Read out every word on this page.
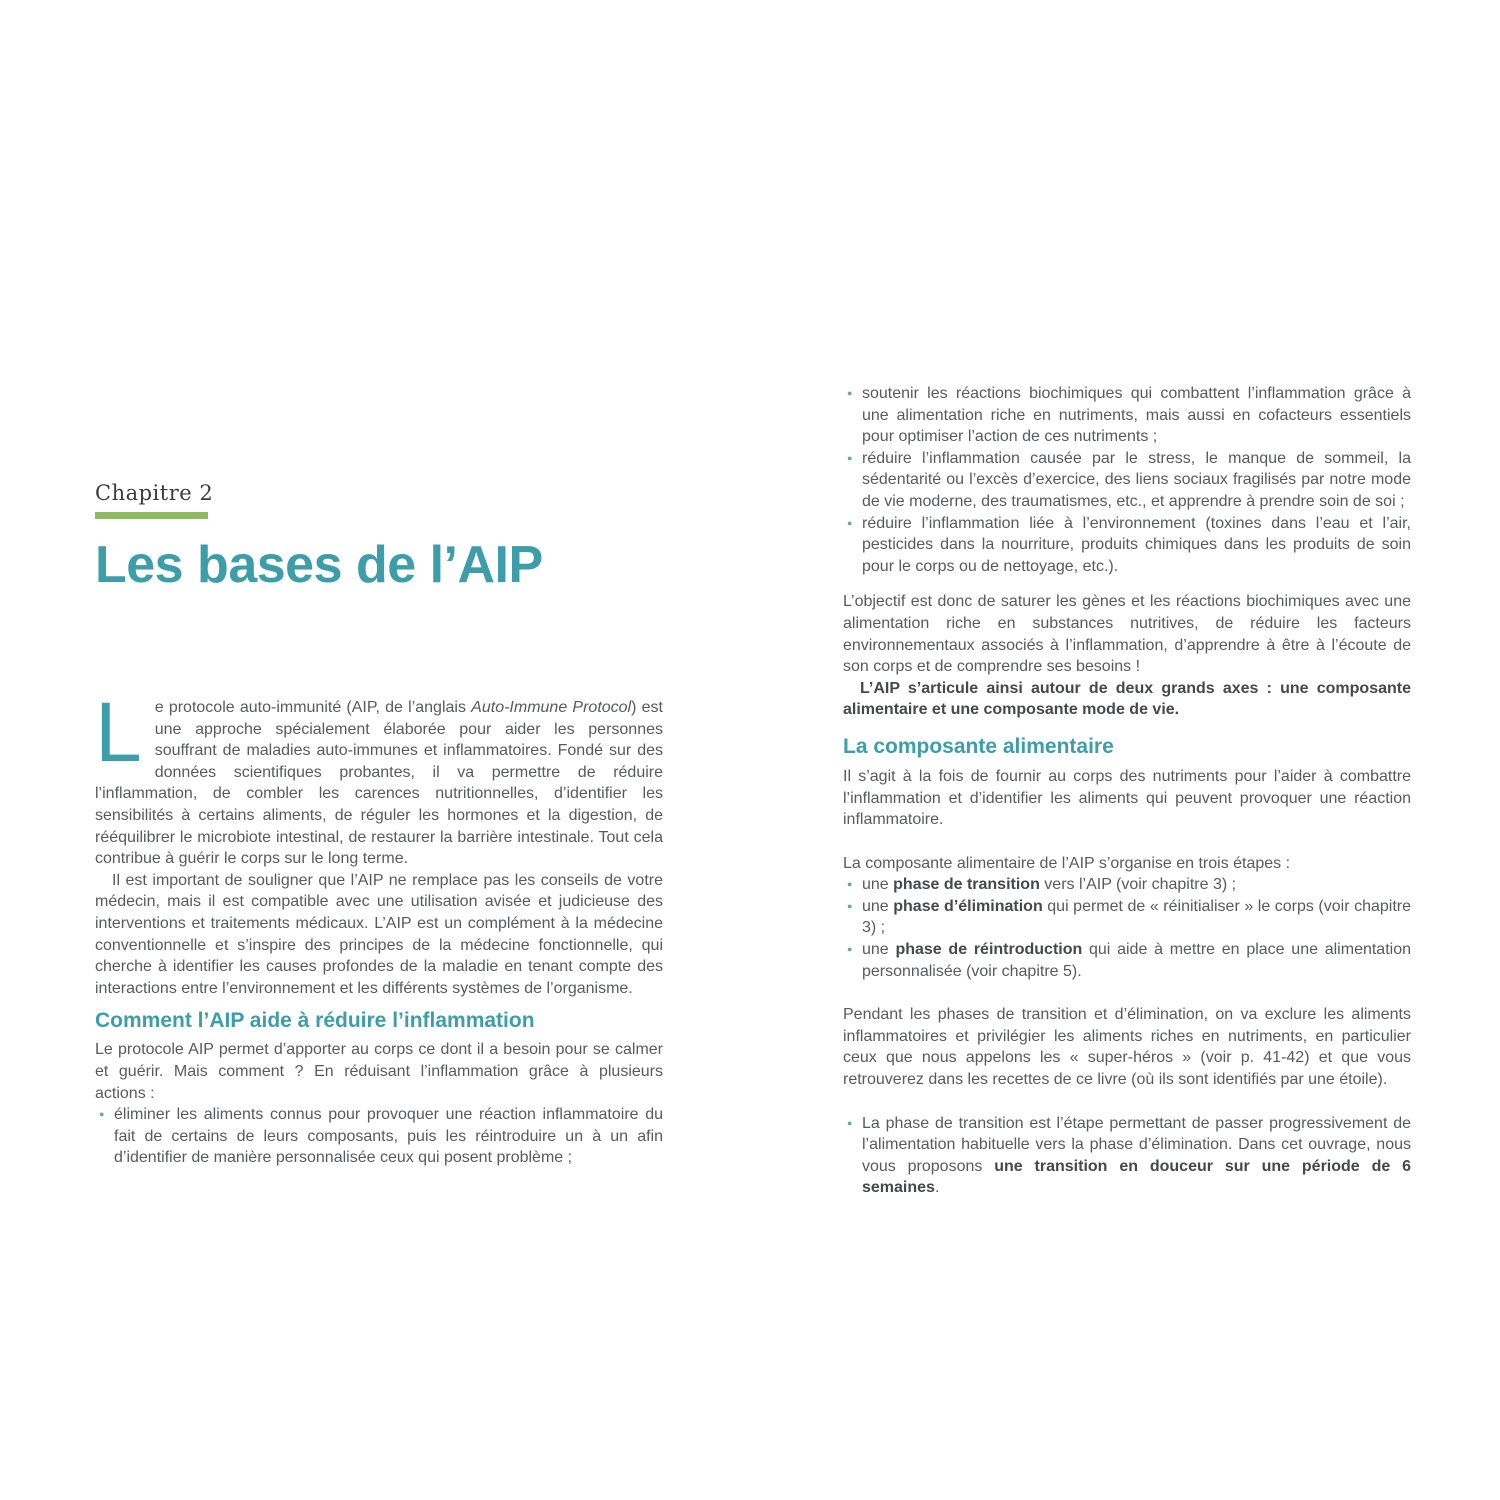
Chapitre 2
Les bases de l’AIP

Le protocole auto-immunité (AIP, de l’anglais Auto-Immune Protocol) est une approche spécialement élaborée pour aider les personnes souffrant de maladies auto-immunes et inflammatoires. Fondé sur des données scientifiques probantes, il va permettre de réduire l’inflammation, de combler les carences nutritionnelles, d’identifier les sensibilités à certains aliments, de réguler les hormones et la digestion, de rééquilibrer le microbiote intestinal, de restaurer la barrière intestinale. Tout cela contribue à guérir le corps sur le long terme.

Il est important de souligner que l’AIP ne remplace pas les conseils de votre médecin, mais il est compatible avec une utilisation avisée et judicieuse des interventions et traitements médicaux. L’AIP est un complément à la médecine conventionnelle et s’inspire des principes de la médecine fonctionnelle, qui cherche à identifier les causes profondes de la maladie en tenant compte des interactions entre l’environnement et les différents systèmes de l’organisme.

Comment l’AIP aide à réduire l’inflammation

Le protocole AIP permet d’apporter au corps ce dont il a besoin pour se calmer et guérir. Mais comment ? En réduisant l’inflammation grâce à plusieurs actions :

● éliminer les aliments connus pour provoquer une réaction inflammatoire du fait de certains de leurs composants, puis les réintroduire un à un afin d’identifier de manière personnalisée ceux qui posent problème ;

● soutenir les réactions biochimiques qui combattent l’inflammation grâce à une alimentation riche en nutriments, mais aussi en cofacteurs essentiels pour optimiser l’action de ces nutriments ;

● réduire l’inflammation causée par le stress, le manque de sommeil, la sédentarité ou l’excès d’exercice, des liens sociaux fragilisés par notre mode de vie moderne, des traumatismes, etc., et apprendre à prendre soin de soi ;

● réduire l’inflammation liée à l’environnement (toxines dans l’eau et l’air, pesticides dans la nourriture, produits chimiques dans les produits de soin pour le corps ou de nettoyage, etc.).

L’objectif est donc de saturer les gènes et les réactions biochimiques avec une alimentation riche en substances nutritives, de réduire les facteurs environnementaux associés à l’inflammation, d’apprendre à être à l’écoute de son corps et de comprendre ses besoins !

L’AIP s’articule ainsi autour de deux grands axes : une composante alimentaire et une composante mode de vie.

La composante alimentaire

Il s’agit à la fois de fournir au corps des nutriments pour l’aider à combattre l’inflammation et d’identifier les aliments qui peuvent provoquer une réaction inflammatoire.

La composante alimentaire de l’AIP s’organise en trois étapes :

● une phase de transition vers l’AIP (voir chapitre 3) ;

● une phase d’élimination qui permet de « réinitialiser » le corps (voir chapitre 3) ;

● une phase de réintroduction qui aide à mettre en place une alimentation personnalisée (voir chapitre 5).

Pendant les phases de transition et d’élimination, on va exclure les aliments inflammatoires et privilégier les aliments riches en nutriments, en particulier ceux que nous appelons les « super-héros » (voir p. 41-42) et que vous retrouverez dans les recettes de ce livre (où ils sont identifiés par une étoile).

● La phase de transition est l’étape permettant de passer progressivement de l’alimentation habituelle vers la phase d’élimination. Dans cet ouvrage, nous vous proposons une transition en douceur sur une période de 6 semaines.
